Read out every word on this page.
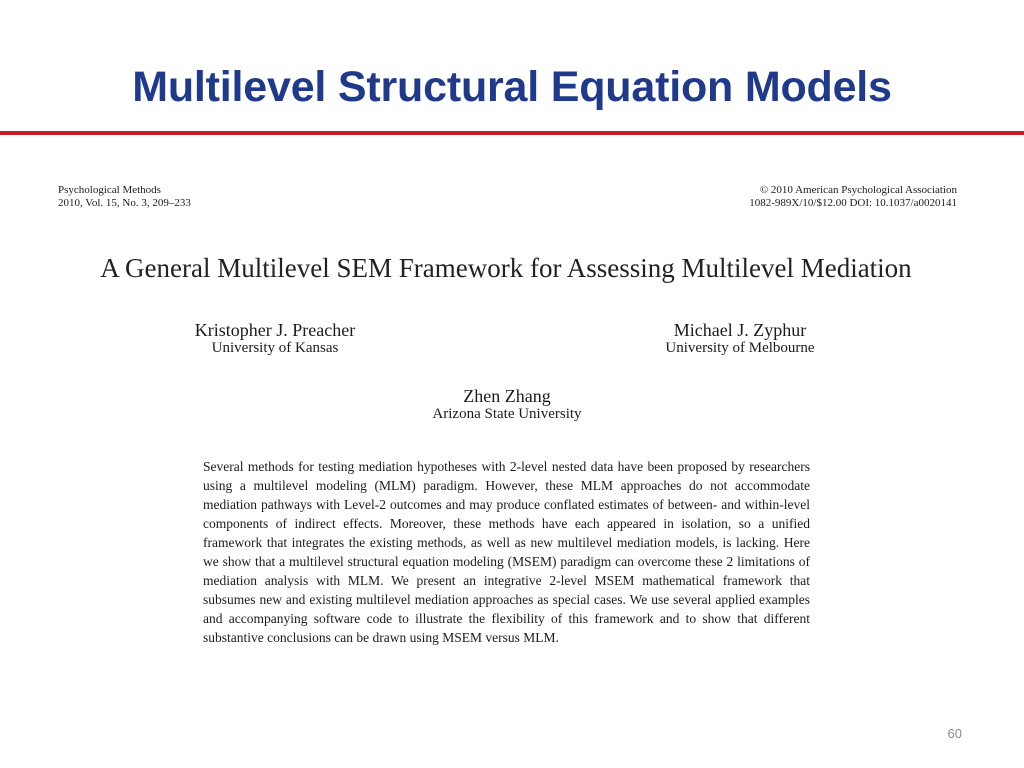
Multilevel Structural Equation Models
Psychological Methods
2010, Vol. 15, No. 3, 209–233
© 2010 American Psychological Association
1082-989X/10/$12.00 DOI: 10.1037/a0020141
A General Multilevel SEM Framework for Assessing Multilevel Mediation
Kristopher J. Preacher
University of Kansas
Michael J. Zyphur
University of Melbourne
Zhen Zhang
Arizona State University
Several methods for testing mediation hypotheses with 2-level nested data have been proposed by researchers using a multilevel modeling (MLM) paradigm. However, these MLM approaches do not accommodate mediation pathways with Level-2 outcomes and may produce conflated estimates of between- and within-level components of indirect effects. Moreover, these methods have each appeared in isolation, so a unified framework that integrates the existing methods, as well as new multilevel mediation models, is lacking. Here we show that a multilevel structural equation modeling (MSEM) paradigm can overcome these 2 limitations of mediation analysis with MLM. We present an integrative 2-level MSEM mathematical framework that subsumes new and existing multilevel mediation approaches as special cases. We use several applied examples and accompanying software code to illustrate the flexibility of this framework and to show that different substantive conclusions can be drawn using MSEM versus MLM.
60
